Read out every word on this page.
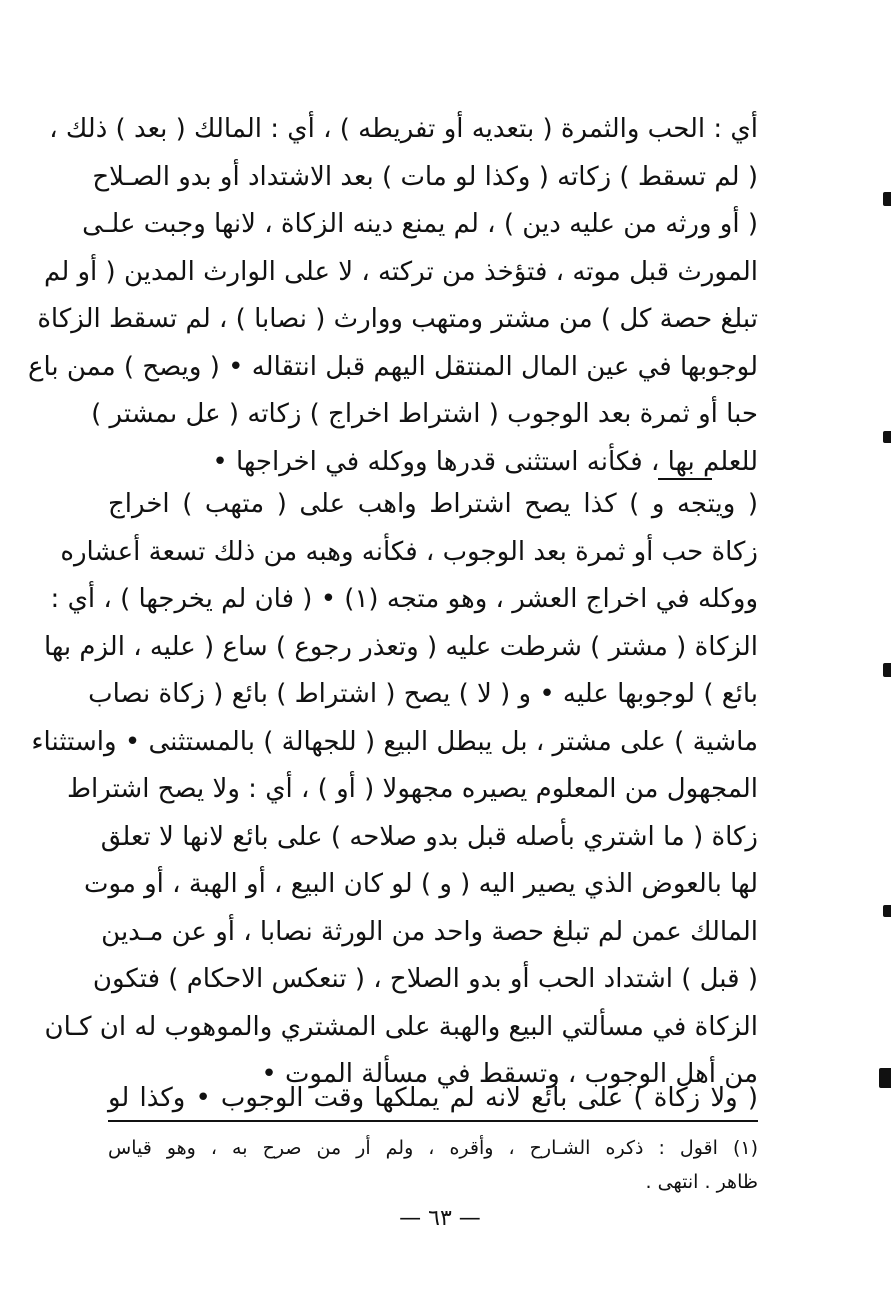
أي : الحب والثمرة ( بتعديه أو تفريطه ) ، أي : المالك ( بعد ) ذلك ،
( لم تسقط ) زكاته ( وكذا لو مات ) بعد الاشتداد أو بدو الصـلاح
( أو ورثه من عليه دين ) ، لم يمنع دينه الزكاة ، لانها وجبت علـى
المورث قبل موته ، فتؤخذ من تركته ، لا على الوارث المدين ( أو لم
تبلغ حصة كل ) من مشتر ومتهب ووارث ( نصابا ) ، لم تسقط الزكاة
لوجوبها في عين المال المنتقل اليهم قبل انتقاله • ( ويصح ) ممن باع
حبا أو ثمرة بعد الوجوب ( اشتراط اخراج ) زكاته ( عل ىمشتر )
للعلم بها ، فكأنه استثنى قدرها ووكله في اخراجها •
( ويتجه و ) كذا يصح اشتراط واهب على ( متهب ) اخراج
زكاة حب أو ثمرة بعد الوجوب ، فكأنه وهبه من ذلك تسعة أعشاره
ووكله في اخراج العشر ، وهو متجه (١) • ( فان لم يخرجها ) ، أي :
الزكاة ( مشتر ) شرطت عليه ( وتعذر رجوع ) ساع ( عليه ، الزم بها
بائع ) لوجوبها عليه • و ( لا ) يصح ( اشتراط ) بائع ( زكاة نصاب
ماشية ) على مشتر ، بل يبطل البيع ( للجهالة ) بالمستثنى • واستثناء
المجهول من المعلوم يصيره مجهولا ( أو ) ، أي : ولا يصح اشتراط
زكاة ( ما اشتري بأصله قبل بدو صلاحه ) على بائع لانها لا تعلق
لها بالعوض الذي يصير اليه ( و ) لو كان البيع ، أو الهبة ، أو موت
المالك عمن لم تبلغ حصة واحد من الورثة نصابا ، أو عن مـدين
( قبل ) اشتداد الحب أو بدو الصلاح ، ( تنعكس الاحكام ) فتكون
الزكاة في مسألتي البيع والهبة على المشتري والموهوب له ان كـان
من أهل الوجوب ، وتسقط في مسألة الموت •
( ولا زكاة ) على بائع لانه لم يملكها وقت الوجوب • وكذا لو
(١) اقول : ذكره الشـارح ، وأقره ، ولم أر من صرح به ، وهو قياس
ظاهر . انتهى .
— ٦٣ —
